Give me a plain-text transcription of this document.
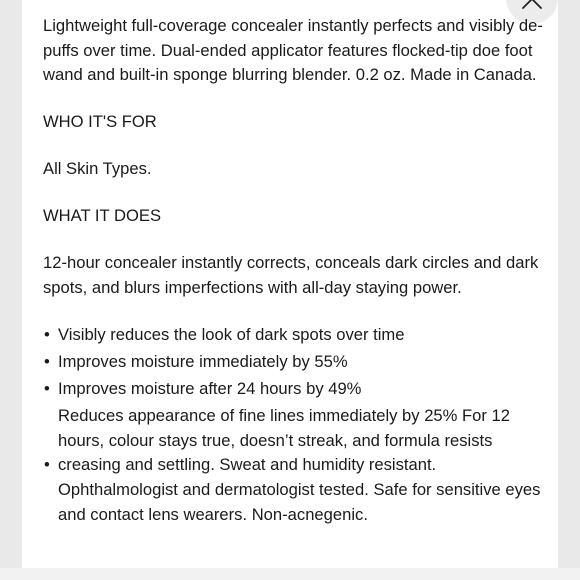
Lightweight full-coverage concealer instantly perfects and visibly de-puffs over time. Dual-ended applicator features flocked-tip doe foot wand and built-in sponge blurring blender. 0.2 oz. Made in Canada.

WHO IT'S FOR

All Skin Types.

WHAT IT DOES

12-hour concealer instantly corrects, conceals dark circles and dark spots, and blurs imperfections with all-day staying power.

• Visibly reduces the look of dark spots over time
• Improves moisture immediately by 55%
• Improves moisture after 24 hours by 49%
•
Reduces appearance of fine lines immediately by 25% For 12 hours, colour stays true, doesn’t streak, and formula resists creasing and settling. Sweat and humidity resistant. Ophthalmologist and dermatologist tested. Safe for sensitive eyes and contact lens wearers. Non-acnegenic.
